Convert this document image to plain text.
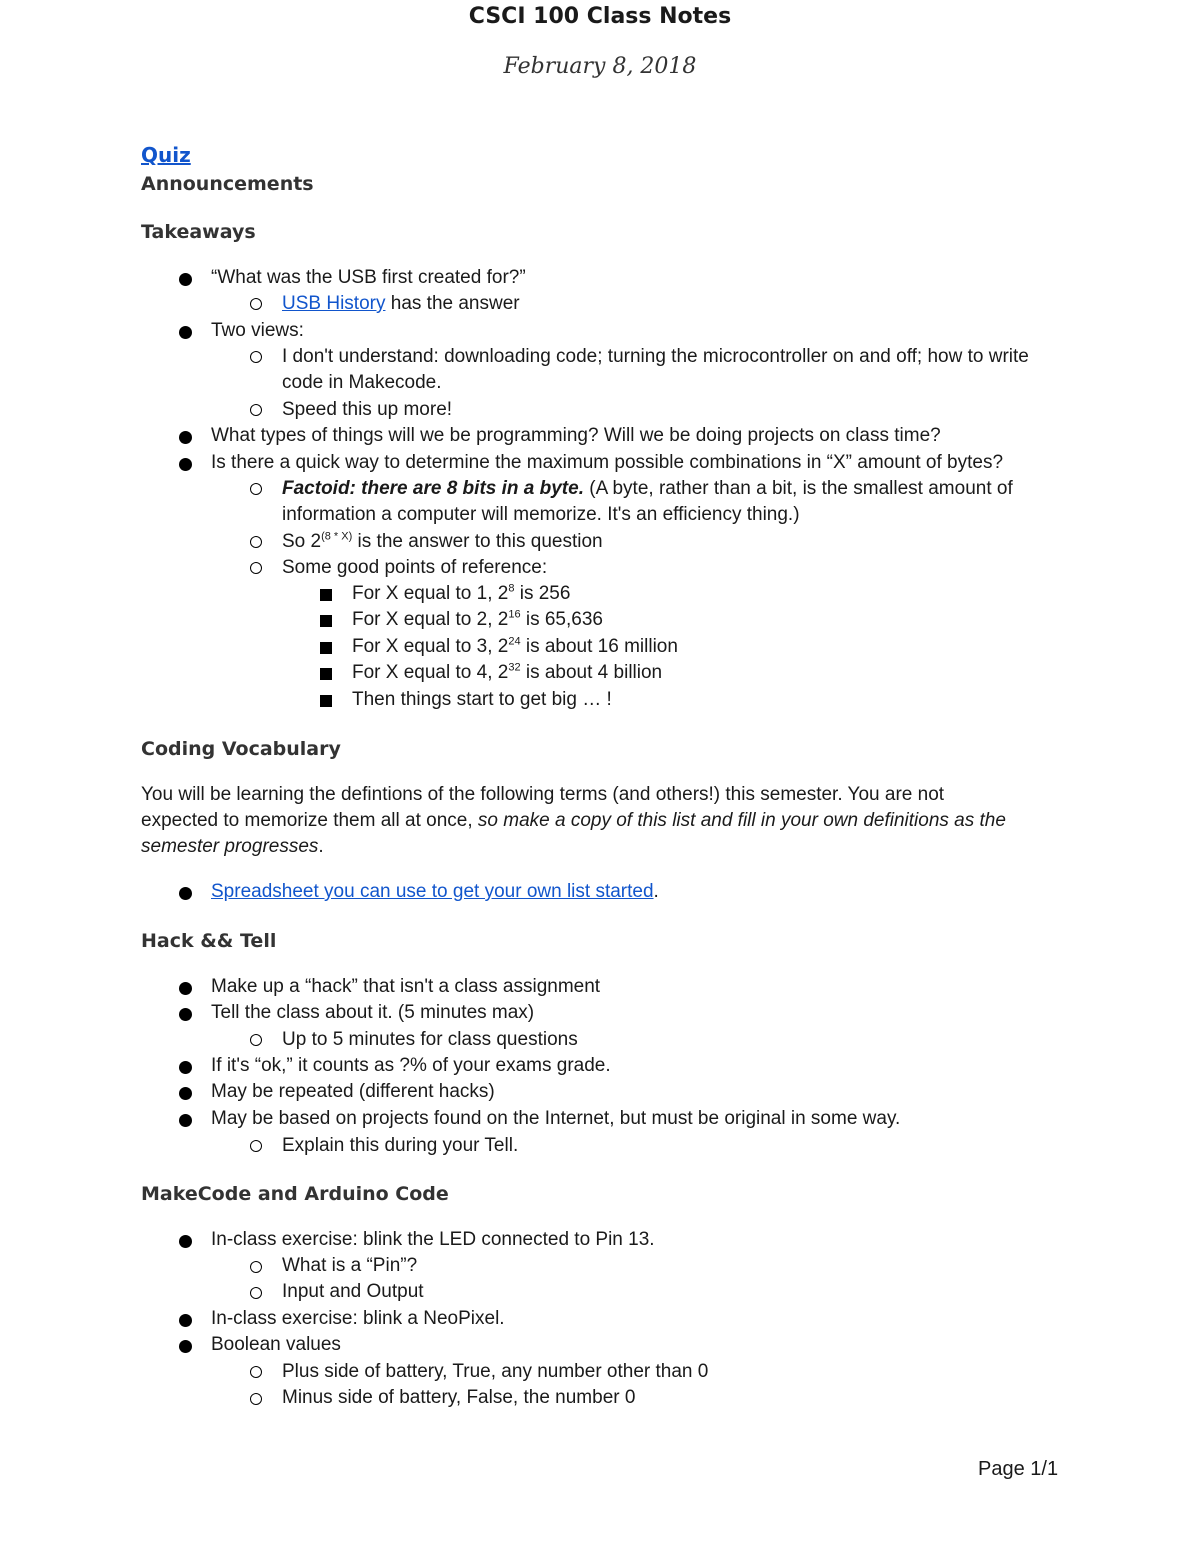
CSCI 100 Class Notes
February 8, 2018
Quiz
Announcements
Takeaways
“What was the USB first created for?”
USB History has the answer
Two views:
I don't understand: downloading code; turning the microcontroller on and off; how to write
code in Makecode.
Speed this up more!
What types of things will we be programming? Will we be doing projects on class time?
Is there a quick way to determine the maximum possible combinations in “X” amount of bytes?
Factoid: there are 8 bits in a byte. (A byte, rather than a bit, is the smallest amount of
information a computer will memorize. It's an efficiency thing.)
So $2^{(8 * X)}$ is the answer to this question
Some good points of reference:
For X equal to 1, $2^8$ is 256
For X equal to 2, $2^{16}$ is 65,636
For X equal to 3, $2^{24}$ is about 16 million
For X equal to 4, $2^{32}$ is about 4 billion
Then things start to get big … !
Coding Vocabulary
You will be learning the defintions of the following terms (and others!) this semester. You are not
expected to memorize them all at once, so make a copy of this list and fill in your own definitions as the
semester progresses.
Spreadsheet you can use to get your own list started.
Hack && Tell
Make up a “hack” that isn't a class assignment
Tell the class about it. (5 minutes max)
Up to 5 minutes for class questions
If it's “ok,” it counts as ?% of your exams grade.
May be repeated (different hacks)
May be based on projects found on the Internet, but must be original in some way.
Explain this during your Tell.
MakeCode and Arduino Code
In-class exercise: blink the LED connected to Pin 13.
What is a “Pin”?
Input and Output
In-class exercise: blink a NeoPixel.
Boolean values
Plus side of battery, True, any number other than 0
Minus side of battery, False, the number 0
Page 1/1
